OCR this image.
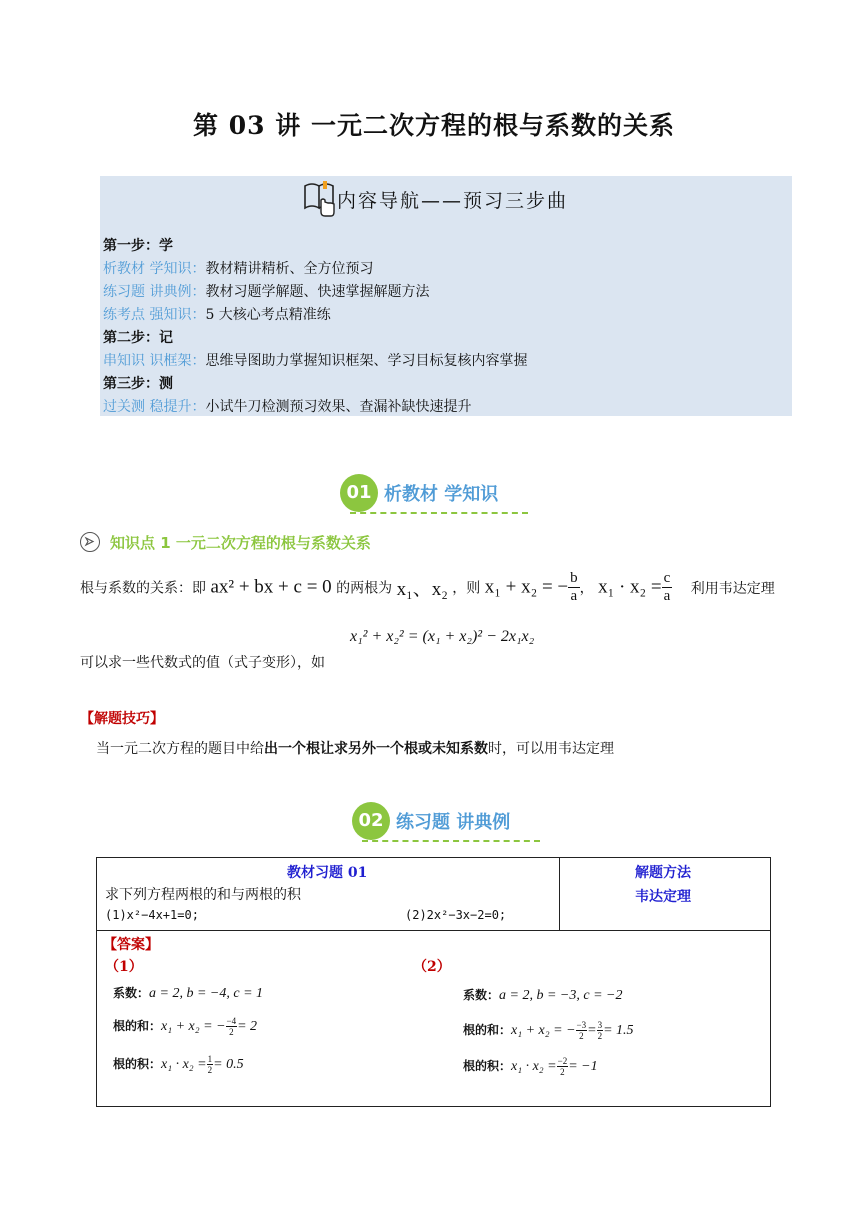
第 03 讲 一元二次方程的根与系数的关系
内容导航——预习三步曲
第一步：学
析教材 学知识：教材精讲精析、全方位预习
练习题 讲典例：教材习题学解题、快速掌握解题方法
练考点 强知识：5 大核心考点精准练
第二步：记
串知识 识框架：思维导图助力掌握知识框架、学习目标复核内容掌握
第三步：测
过关测 稳提升：小试牛刀检测预习效果、查漏补缺快速提升
01 析教材 学知识
知识点 1 一元二次方程的根与系数关系
根与系数的关系：即 ax² + bx + c = 0 的两根为 x₁、x₂ ，则 x₁ + x₂ = − $\frac{b}{a}$ ， $x_1 \cdot x_2 = \frac{c}{a}$ 利用韦达定理
x₁² + x₂² = (x₁ + x₂)² − 2x₁x₂
可以求一些代数式的值（式子变形），如
【解题技巧】
当一元二次方程的题目中给出一个根让求另外一个根或未知系数时，可以用韦达定理
02 练习题 讲典例
教材习题 01
求下列方程两根的和与两根的积
(1)x²−4x+1=0;	(2)2x²−3x−2=0;
解题方法
韦达定理
【答案】
（1）	（2）
系数：a = 2, b = −4, c = 1
根的和：x₁ + x₂ = − $\frac{-4}{2} = 2$
根的积：$x_1 \cdot x_2 = \frac{1}{2} = 0.5$
系数：a = 2, b = −3, c = −2
根的和：x₁ + x₂ = − $\frac{-3}{2} = \frac{3}{2} = 1.5$
根的积：$x_1 \cdot x_2 = \frac{-2}{2} = -1$
